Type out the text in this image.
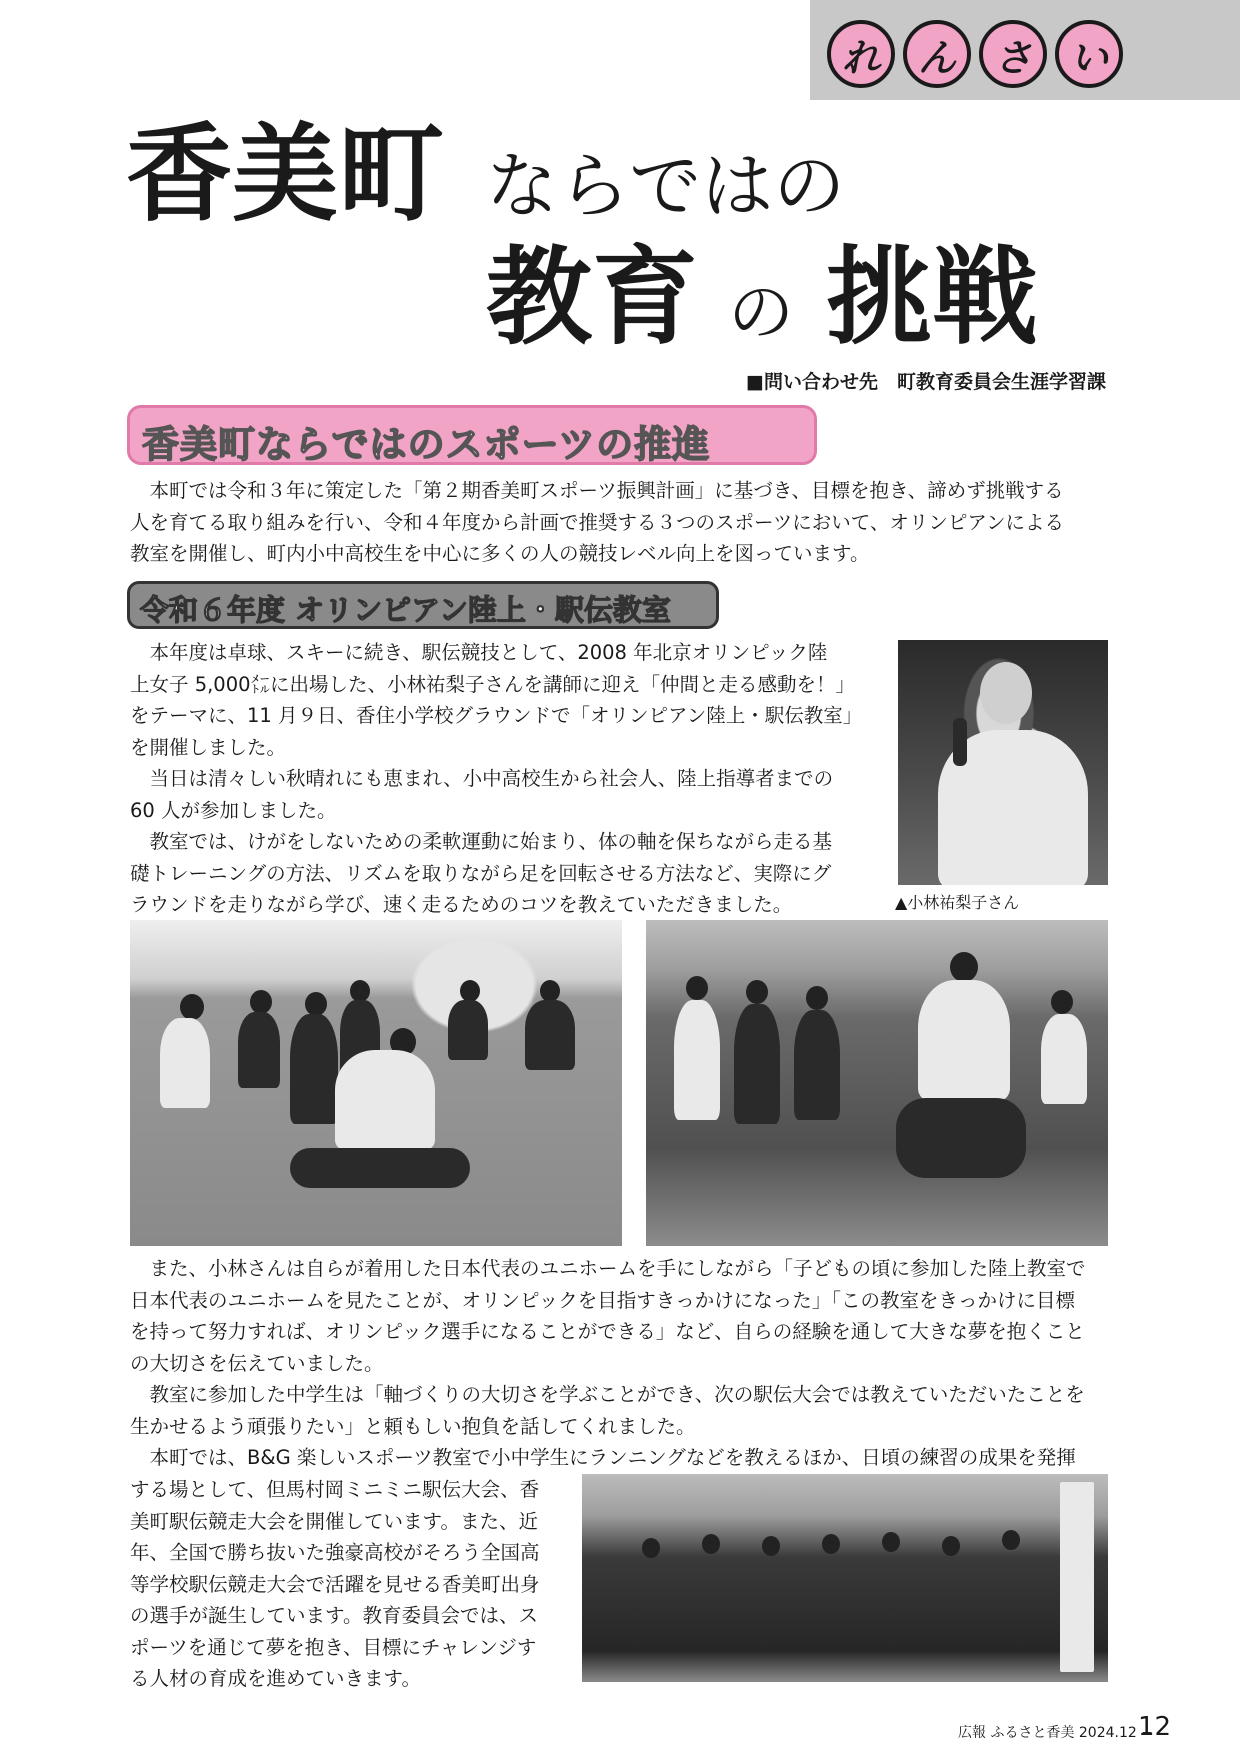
れ ん さ い
香美町 ならではの
教育 の 挑戦
■問い合わせ先　町教育委員会生涯学習課
香美町ならではのスポーツの推進
　本町では令和３年に策定した「第２期香美町スポーツ振興計画」に基づき、目標を抱き、諦めず挑戦する
人を育てる取り組みを行い、令和４年度から計画で推奨する３つのスポーツにおいて、オリンピアンによる
教室を開催し、町内小中高校生を中心に多くの人の競技レベル向上を図っています。
令和６年度 オリンピアン陸上・駅伝教室
　本年度は卓球、スキーに続き、駅伝競技として、2008 年北京オリンピック陸
上女子 5,000㍍に出場した、小林祐梨子さんを講師に迎え「仲間と走る感動を！」
をテーマに、11 月９日、香住小学校グラウンドで「オリンピアン陸上・駅伝教室」
を開催しました。
　当日は清々しい秋晴れにも恵まれ、小中高校生から社会人、陸上指導者までの
60 人が参加しました。
　教室では、けがをしないための柔軟運動に始まり、体の軸を保ちながら走る基
礎トレーニングの方法、リズムを取りながら足を回転させる方法など、実際にグ
ラウンドを走りながら学び、速く走るためのコツを教えていただきました。	▲小林祐梨子さん
　また、小林さんは自らが着用した日本代表のユニホームを手にしながら「子どもの頃に参加した陸上教室で
日本代表のユニホームを見たことが、オリンピックを目指すきっかけになった」「この教室をきっかけに目標
を持って努力すれば、オリンピック選手になることができる」など、自らの経験を通して大きな夢を抱くこと
の大切さを伝えていました。
　教室に参加した中学生は「軸づくりの大切さを学ぶことができ、次の駅伝大会では教えていただいたことを
生かせるよう頑張りたい」と頼もしい抱負を話してくれました。
　本町では、B&G 楽しいスポーツ教室で小中学生にランニングなどを教えるほか、日頃の練習の成果を発揮
する場として、但馬村岡ミニミニ駅伝大会、香
美町駅伝競走大会を開催しています。また、近
年、全国で勝ち抜いた強豪高校がそろう全国高
等学校駅伝競走大会で活躍を見せる香美町出身
の選手が誕生しています。教育委員会では、ス
ポーツを通じて夢を抱き、目標にチャレンジす
る人材の育成を進めていきます。
広報 ふるさと香美 2024.12 −
12
